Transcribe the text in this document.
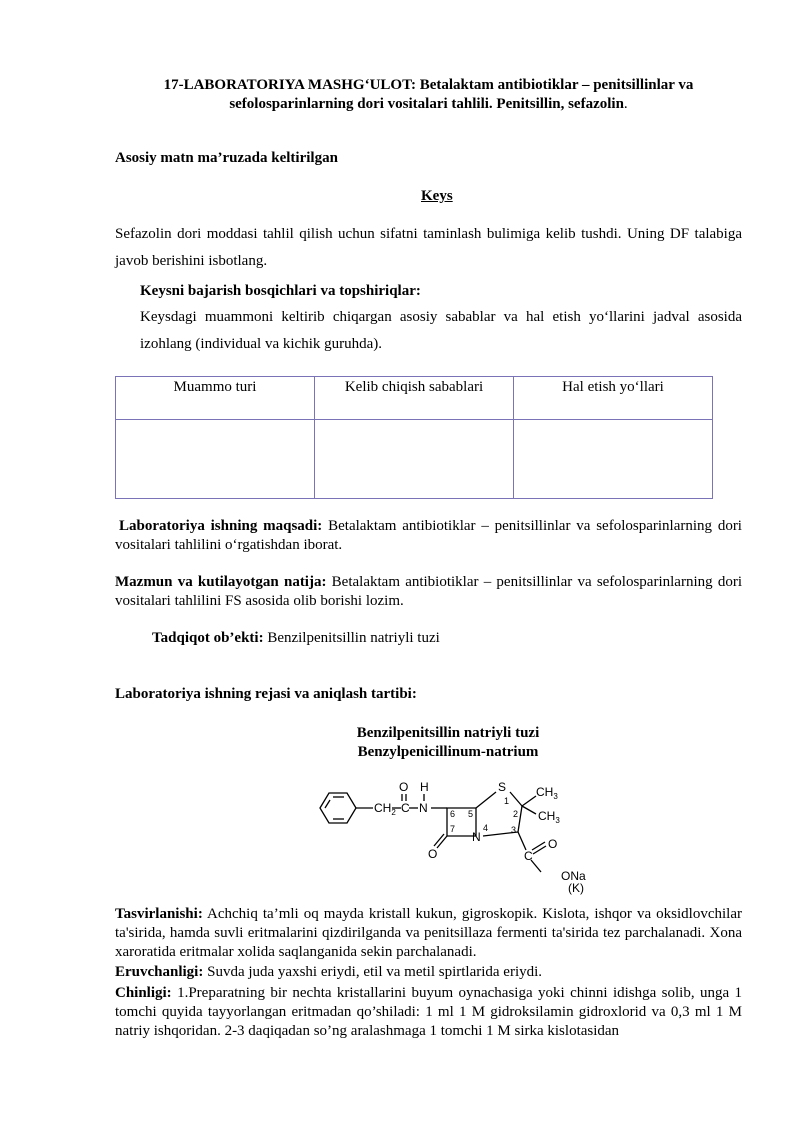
17-LABORATORIYA MASHG‘ULOT: Betalaktam antibiotiklar – penitsillinlar va sefolosparinlarning dori vositalari tahlili. Penitsillin, sefazolin.
Asosiy matn ma’ruzada keltirilgan
Keys
Sefazolin dori moddasi tahlil qilish uchun sifatni taminlash bulimiga kelib tushdi. Uning DF talabiga javob berishini isbotlang.
Keysni bajarish bosqichlari va topshiriqlar:
Keysdagi muammoni keltirib chiqargan asosiy sabablar va hal etish yo‘llarini jadval asosida izohlang (individual va kichik guruhda).
Muammo turi	Kelib chiqish sabablari	Hal etish yo‘llari

Laboratoriya ishning maqsadi: Betalaktam antibiotiklar – penitsillinlar va sefolosparinlarning dori vositalari tahlilini o‘rgatishdan iborat.
Mazmun va kutilayotgan natija: Betalaktam antibiotiklar – penitsillinlar va sefolosparinlarning dori vositalari tahlilini FS asosida olib borishi lozim.
Tadqiqot ob’ekti: Benzilpenitsillin natriyli tuzi
Laboratoriya ishning rejasi va aniqlash tartibi:
Benzilpenitsillin natriyli tuzi
Benzylpenicillinum-natrium
O H
$CH_2$ C N
S $CH_3$
$CH_3$
N
O	C
O
ONa
(K)
1
2
3
4
5
6
7
Tasvirlanishi: Achchiq ta’mli oq mayda kristall kukun, gigroskopik. Kislota, ishqor va oksidlovchilar ta'sirida, hamda suvli eritmalarini qizdirilganda va penitsillaza fermenti ta'sirida tez parchalanadi. Xona xaroratida eritmalar xolida saqlanganida sekin parchalanadi.
Eruvchanligi: Suvda juda yaxshi eriydi, etil va metil spirtlarida eriydi.
Chinligi: 1.Preparatning bir nechta kristallarini buyum oynachasiga yoki chinni idishga solib, unga 1 tomchi quyida tayyorlangan eritmadan qo’shiladi: 1 ml 1 M gidroksilamin gidroxlorid va 0,3 ml 1 M natriy ishqoridan. 2-3 daqiqadan so’ng aralashmaga 1 tomchi 1 M sirka kislotasidan
